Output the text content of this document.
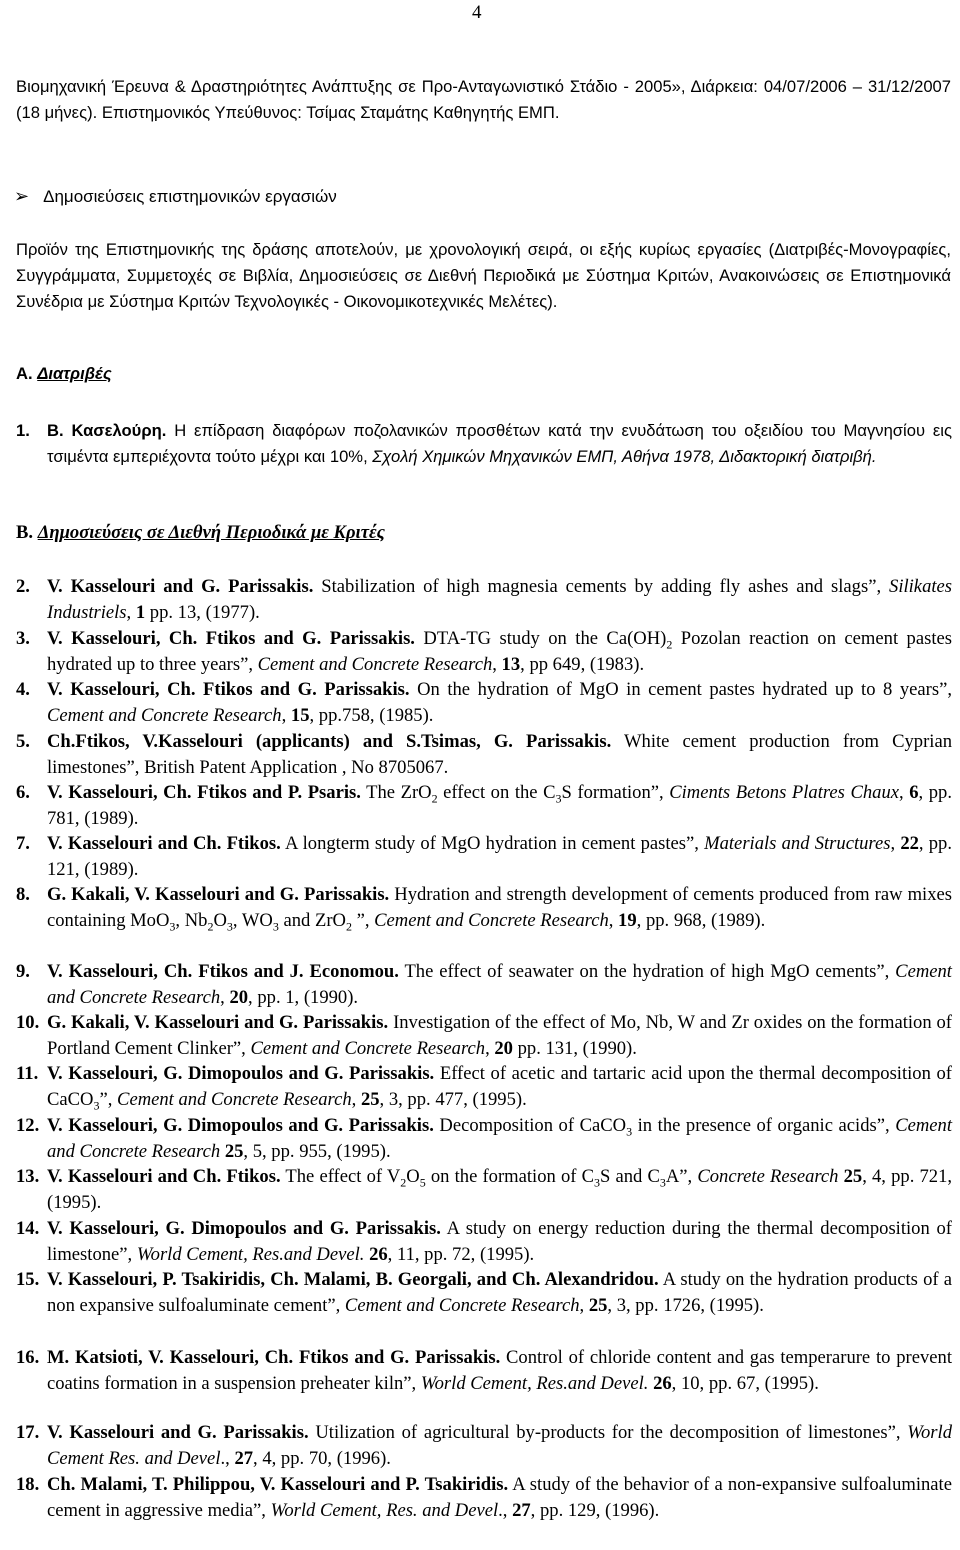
4
Βιομηχανική Έρευνα & Δραστηριότητες Ανάπτυξης σε Προ-Ανταγωνιστικό Στάδιο - 2005», Διάρκεια: 04/07/2006 – 31/12/2007 (18 μήνες). Επιστημονικός Υπεύθυνος: Τσίμας Σταμάτης Καθηγητής ΕΜΠ.
➢ Δημοσιεύσεις επιστημονικών εργασιών
Προϊόν της Επιστημονικής της δράσης αποτελούν, με χρονολογική σειρά, οι εξής κυρίως εργασίες (Διατριβές-Μονογραφίες, Συγγράμματα, Συμμετοχές σε Βιβλία, Δημοσιεύσεις σε Διεθνή Περιοδικά με Σύστημα Κριτών, Ανακοινώσεις σε Επιστημονικά Συνέδρια με Σύστημα Κριτών Τεχνολογικές - Οικονομικοτεχνικές Μελέτες).
Α. Διατριβές
1.	Β. Κασελούρη. Η επίδραση διαφόρων ποζολανικών προσθέτων κατά την ενυδάτωση του οξειδίου του Μαγνησίου εις τσιμέντα εμπεριέχοντα τούτο μέχρι και 10%, Σχολή Χημικών Μηχανικών ΕΜΠ, Αθήνα 1978, Διδακτορική διατριβή.
Β. Δημοσιεύσεις σε Διεθνή Περιοδικά με Κριτές
2. V. Kasselouri and G. Parissakis. Stabilization of high magnesia cements by adding fly ashes and slags”, Silikates Industriels, 1 pp. 13, (1977).
3. V. Kasselouri, Ch. Ftikos and G. Parissakis. DTA-TG study on the $Ca(OH)_2$ Pozolan reaction on cement pastes hydrated up to three years”, Cement and Concrete Research, 13, pp 649, (1983).
4. V. Kasselouri, Ch. Ftikos and G. Parissakis. On the hydration of MgO in cement pastes hydrated up to 8 years”, Cement and Concrete Research, 15, pp.758, (1985).
5. Ch.Ftikos, V.Kasselouri (applicants) and S.Tsimas, G. Parissakis. White cement production from Cyprian limestones”, British Patent Application , No 8705067.
6. V. Kasselouri, Ch. Ftikos and P. Psaris. The ZrO$_2$ effect on the $C_3S$ formation”, Ciments Betons Platres Chaux, 6, pp. 781, (1989).
7. V. Kasselouri and Ch. Ftikos. A longterm study of MgO hydration in cement pastes”, Materials and Structures, 22, pp. 121, (1989).
8. G. Kakali, V. Kasselouri and G. Parissakis. Hydration and strength development of cements produced from raw mixes containing MoO$_3$, $Nb_2O_3$, $WO_3$ and ZrO$_2$ ”, Cement and Concrete Research, 19, pp. 968, (1989).
9. V. Kasselouri, Ch. Ftikos and J. Economou. The effect of seawater on the hydration of high MgO cements”, Cement and Concrete Research, 20, pp. 1, (1990).
10. G. Kakali, V. Kasselouri and G. Parissakis. Investigation of the effect of Mo, Nb, W and Zr oxides on the formation of Portland Cement Clinker”, Cement and Concrete Research, 20 pp. 131, (1990).
11. V. Kasselouri, G. Dimopoulos and G. Parissakis. Effect of acetic and tartaric acid upon the thermal decomposition of CaCO$_3$”, Cement and Concrete Research, 25, 3, pp. 477, (1995).
12. V. Kasselouri, G. Dimopoulos and G. Parissakis. Decomposition of CaCO$_3$ in the presence of organic acids”, Cement and Concrete Research 25, 5, pp. 955, (1995).
13. V. Kasselouri and Ch. Ftikos. The effect of $V_2O_5$ on the formation of $C_3S$ and $C_3A$”, Concrete Research 25, 4, pp. 721, (1995).
14. V. Kasselouri, G. Dimopoulos and G. Parissakis. A study on energy reduction during the thermal decomposition of limestone”, World Cement, Res.and Devel. 26, 11, pp. 72, (1995).
15. V. Kasselouri, P. Tsakiridis, Ch. Malami, B. Georgali, and Ch. Alexandridou. A study on the hydration products of a non expansive sulfoaluminate cement”, Cement and Concrete Research, 25, 3, pp. 1726, (1995).
16. M. Katsioti, V. Kasselouri, Ch. Ftikos and G. Parissakis. Control of chloride content and gas temperarure to prevent coatins formation in a suspension preheater kiln”, World Cement, Res.and Devel. 26, 10, pp. 67, (1995).
17. V. Kasselouri and G. Parissakis. Utilization of agricultural by-products for the decomposition of limestones”, World Cement Res. and Devel., 27, 4, pp. 70, (1996).
18. Ch. Malami, T. Philippou, V. Kasselouri and P. Tsakiridis. A study of the behavior of a non-expansive sulfoaluminate cement in aggressive media”, World Cement, Res. and Devel., 27, pp. 129, (1996).
